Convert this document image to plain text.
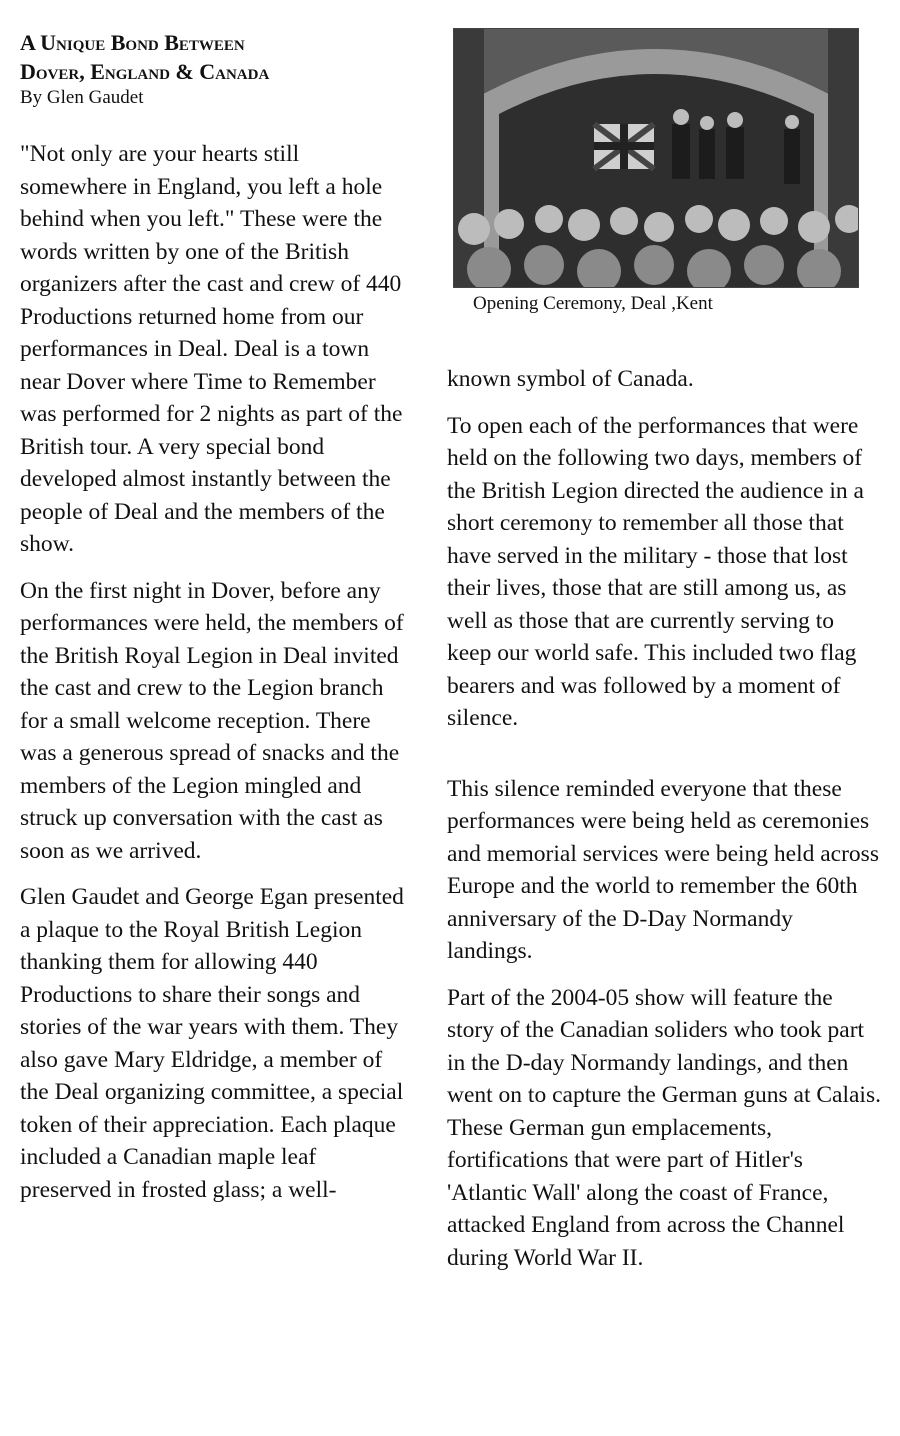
A Unique Bond Between
Dover, England & Canada
By Glen Gaudet

"Not only are your hearts still somewhere in England, you left a hole behind when you left." These were the words written by one of the British organizers after the cast and crew of 440 Productions returned home from our performances in Deal. Deal is a town near Dover where Time to Remember was performed for 2 nights as part of the British tour. A very special bond developed almost instantly between the people of Deal and the members of the show.

On the first night in Dover, before any performances were held, the members of the British Royal Legion in Deal invited the cast and crew to the Legion branch for a small welcome reception. There was a generous spread of snacks and the members of the Legion mingled and struck up conversation with the cast as soon as we arrived.

Glen Gaudet and George Egan presented a plaque to the Royal British Legion thanking them for allowing 440 Productions to share their songs and stories of the war years with them. They also gave Mary Eldridge, a member of the Deal organizing committee, a special token of their appreciation. Each plaque included a Canadian maple leaf preserved in frosted glass; a well-

Opening Ceremony, Deal ,Kent

known symbol of Canada.

To open each of the performances that were held on the following two days, members of the British Legion directed the audience in a short ceremony to remember all those that have served in the military - those that lost their lives, those that are still among us, as well as those that are currently serving to keep our world safe. This included two flag bearers and was followed by a moment of silence.

This silence reminded everyone that these performances were being held as ceremonies and memorial services were being held across Europe and the world to remember the 60th anniversary of the D-Day Normandy landings.

Part of the 2004-05 show will feature the story of the Canadian soliders who took part in the D-day Normandy landings, and then went on to capture the German guns at Calais. These German gun emplacements, fortifications that were part of Hitler's 'Atlantic Wall' along the coast of France, attacked England from across the Channel during World War II.
